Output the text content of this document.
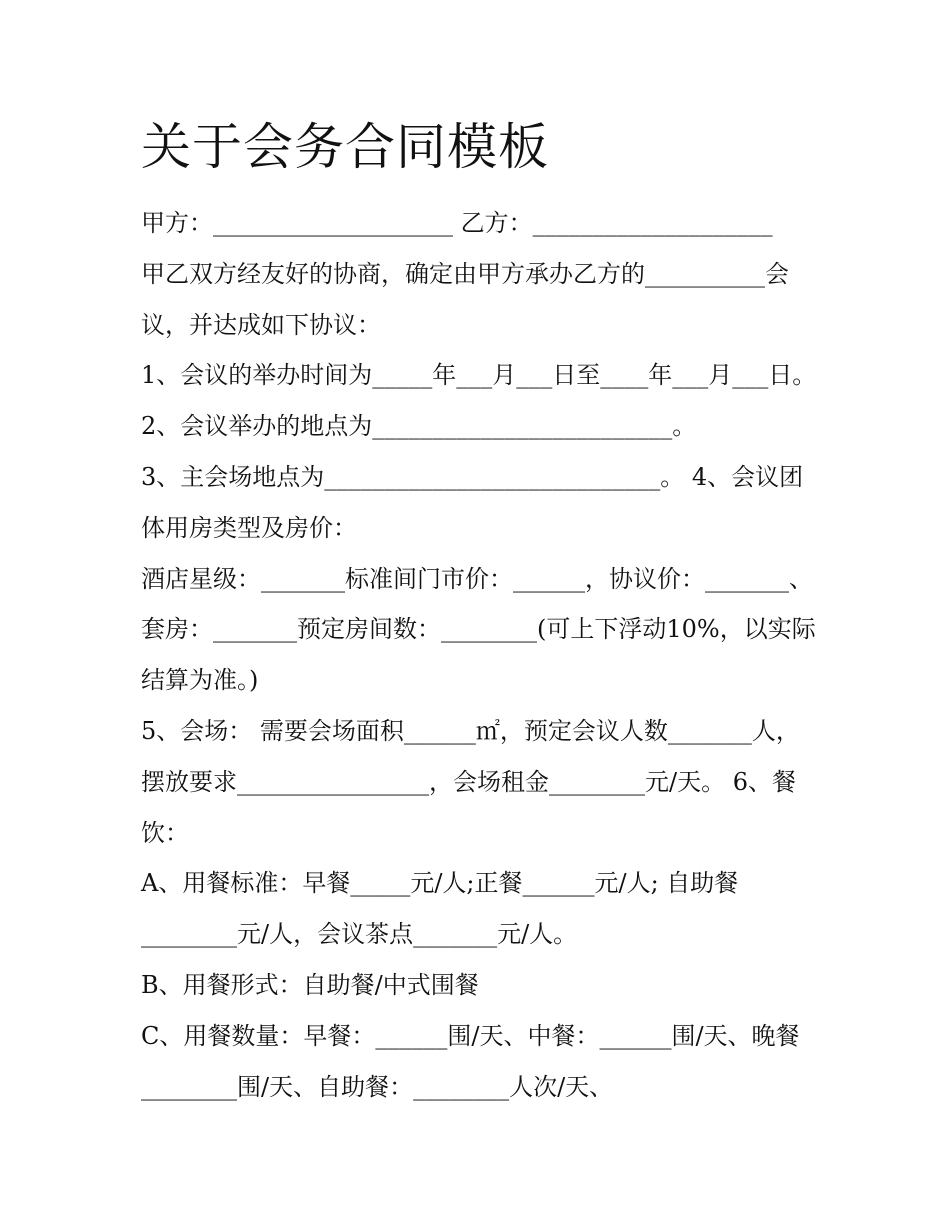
关于会务合同模板
甲方：____________________ 乙方：____________________
甲乙双方经友好的协商，确定由甲方承办乙方的__________会
议，并达成如下协议：
1、会议的举办时间为_____年___月___日至____年___月___日。
2、会议举办的地点为_________________________。
3、主会场地点为____________________________。 4、会议团
体用房类型及房价：
酒店星级：_______标准间门市价：______，协议价：_______、
套房：_______预定房间数：________(可上下浮动10%，以实际
结算为准。)
5、会场： 需要会场面积______㎡，预定会议人数_______人，
摆放要求________________，会场租金________元/天。 6、餐
饮：
A、用餐标准：早餐_____元/人;正餐______元/人; 自助餐
________元/人，会议茶点_______元/人。
B、用餐形式：自助餐/中式围餐
C、用餐数量：早餐：______围/天、中餐：______围/天、晚餐
________围/天、自助餐：________人次/天、
